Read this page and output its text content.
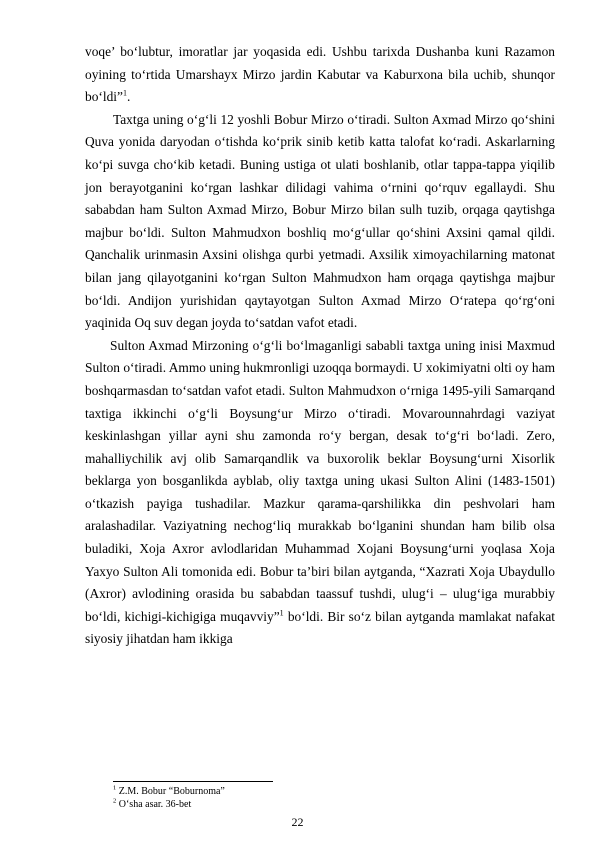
voqe’ bo‘lubtur, imoratlar jar yoqasida edi. Ushbu tarixda Dushanba kuni Razamon oyining to‘rtida Umarshayx Mirzo jardin Kabutar va Kaburxona bila uchib, shunqor bo‘ldi”$^1$.

Taxtga uning o‘g‘li 12 yoshli Bobur Mirzo o‘tiradi. Sulton Axmad Mirzo qo‘shini Quva yonida daryodan o‘tishda ko‘prik sinib ketib katta talofat ko‘radi. Askarlarning ko‘pi suvga cho‘kib ketadi. Buning ustiga ot ulati boshlanib, otlar tappa-tappa yiqilib jon berayotganini ko‘rgan lashkar dilidagi vahima o‘rnini qo‘rquv egallaydi. Shu sababdan ham Sulton Axmad Mirzo, Bobur Mirzo bilan sulh tuzib, orqaga qaytishga majbur bo‘ldi. Sulton Mahmudxon boshliq mo‘g‘ullar qo‘shini Axsini qamal qildi. Qanchalik urinmasin Axsini olishga qurbi yetmadi. Axsilik ximoyachilarning matonat bilan jang qilayotganini ko‘rgan Sulton Mahmudxon ham orqaga qaytishga majbur bo‘ldi. Andijon yurishidan qaytayotgan Sulton Axmad Mirzo O‘ratepa qo‘rg‘oni yaqinida Oq suv degan joyda to‘satdan vafot etadi.

Sulton Axmad Mirzoning o‘g‘li bo‘lmaganligi sababli taxtga uning inisi Maxmud Sulton o‘tiradi. Ammo uning hukmronligi uzoqqa bormaydi. U xokimiyatni olti oy ham boshqarmasdan to‘satdan vafot etadi. Sulton Mahmudxon o‘rniga 1495-yili Samarqand taxtiga ikkinchi o‘g‘li Boysung‘ur Mirzo o‘tiradi. Movarounnahrdagi vaziyat keskinlashgan yillar ayni shu zamonda ro‘y bergan, desak to‘g‘ri bo‘ladi. Zero, mahalliychilik avj olib Samarqandlik va buxorolik beklar Boysung‘urni Xisorlik beklarga yon bosganlikda ayblab, oliy taxtga uning ukasi Sulton Alini (1483-1501) o‘tkazish payiga tushadilar. Mazkur qarama-qarshilikka din peshvolari ham aralashadilar. Vaziyatning nechog‘liq murakkab bo‘lganini shundan ham bilib olsa buladiki, Xoja Axror avlodlaridan Muhammad Xojani Boysung‘urni yoqlasa Xoja Yaxyo Sulton Ali tomonida edi. Bobur ta’biri bilan aytganda, “Xazrati Xoja Ubaydullo (Axror) avlodining orasida bu sababdan taassuf tushdi, ulug‘i – ulug‘iga murabbiy bo‘ldi, kichigi-kichigiga muqavviy”$^1$ bo‘ldi. Bir so‘z bilan aytganda mamlakat nafakat siyosiy jihatdan ham ikkiga

$^1$ Z.M. Bobur “Boburnoma”

$^2$ O‘sha asar. 36-bet

22
